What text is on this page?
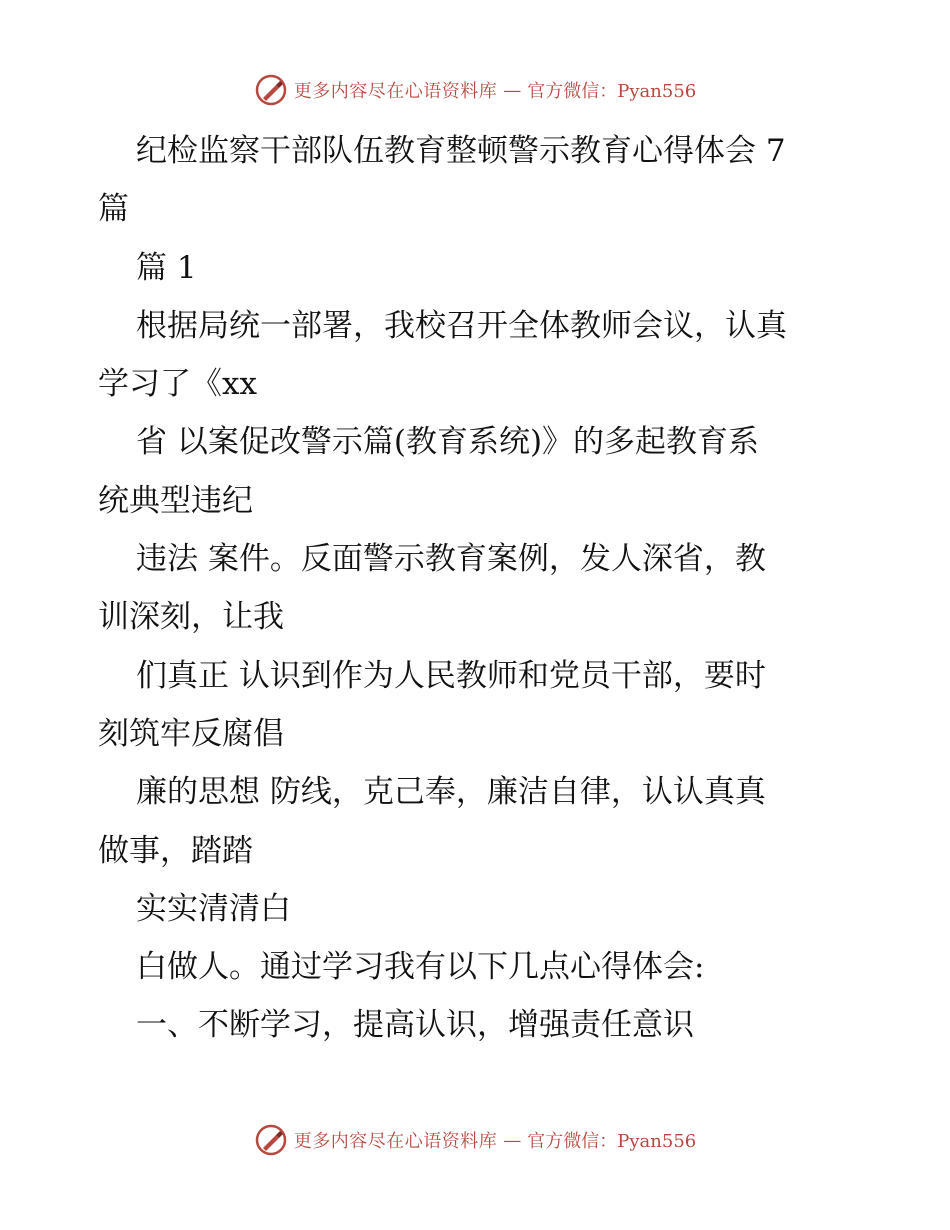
更多内容尽在心语资料库 — 官方微信：Pyan556
纪检监察干部队伍教育整顿警示教育心得体会 7
篇
篇 1
根据局统一部署，我校召开全体教师会议，认真
学习了《xx
省 以案促改警示篇(教育系统)》的多起教育系
统典型违纪
违法 案件。反面警示教育案例，发人深省，教
训深刻，让我
们真正 认识到作为人民教师和党员干部，要时
刻筑牢反腐倡
廉的思想 防线，克己奉，廉洁自律，认认真真
做事，踏踏
实实清清白
白做人。通过学习我有以下几点心得体会:
一、不断学习，提高认识，增强责任意识
更多内容尽在心语资料库 — 官方微信：Pyan556
